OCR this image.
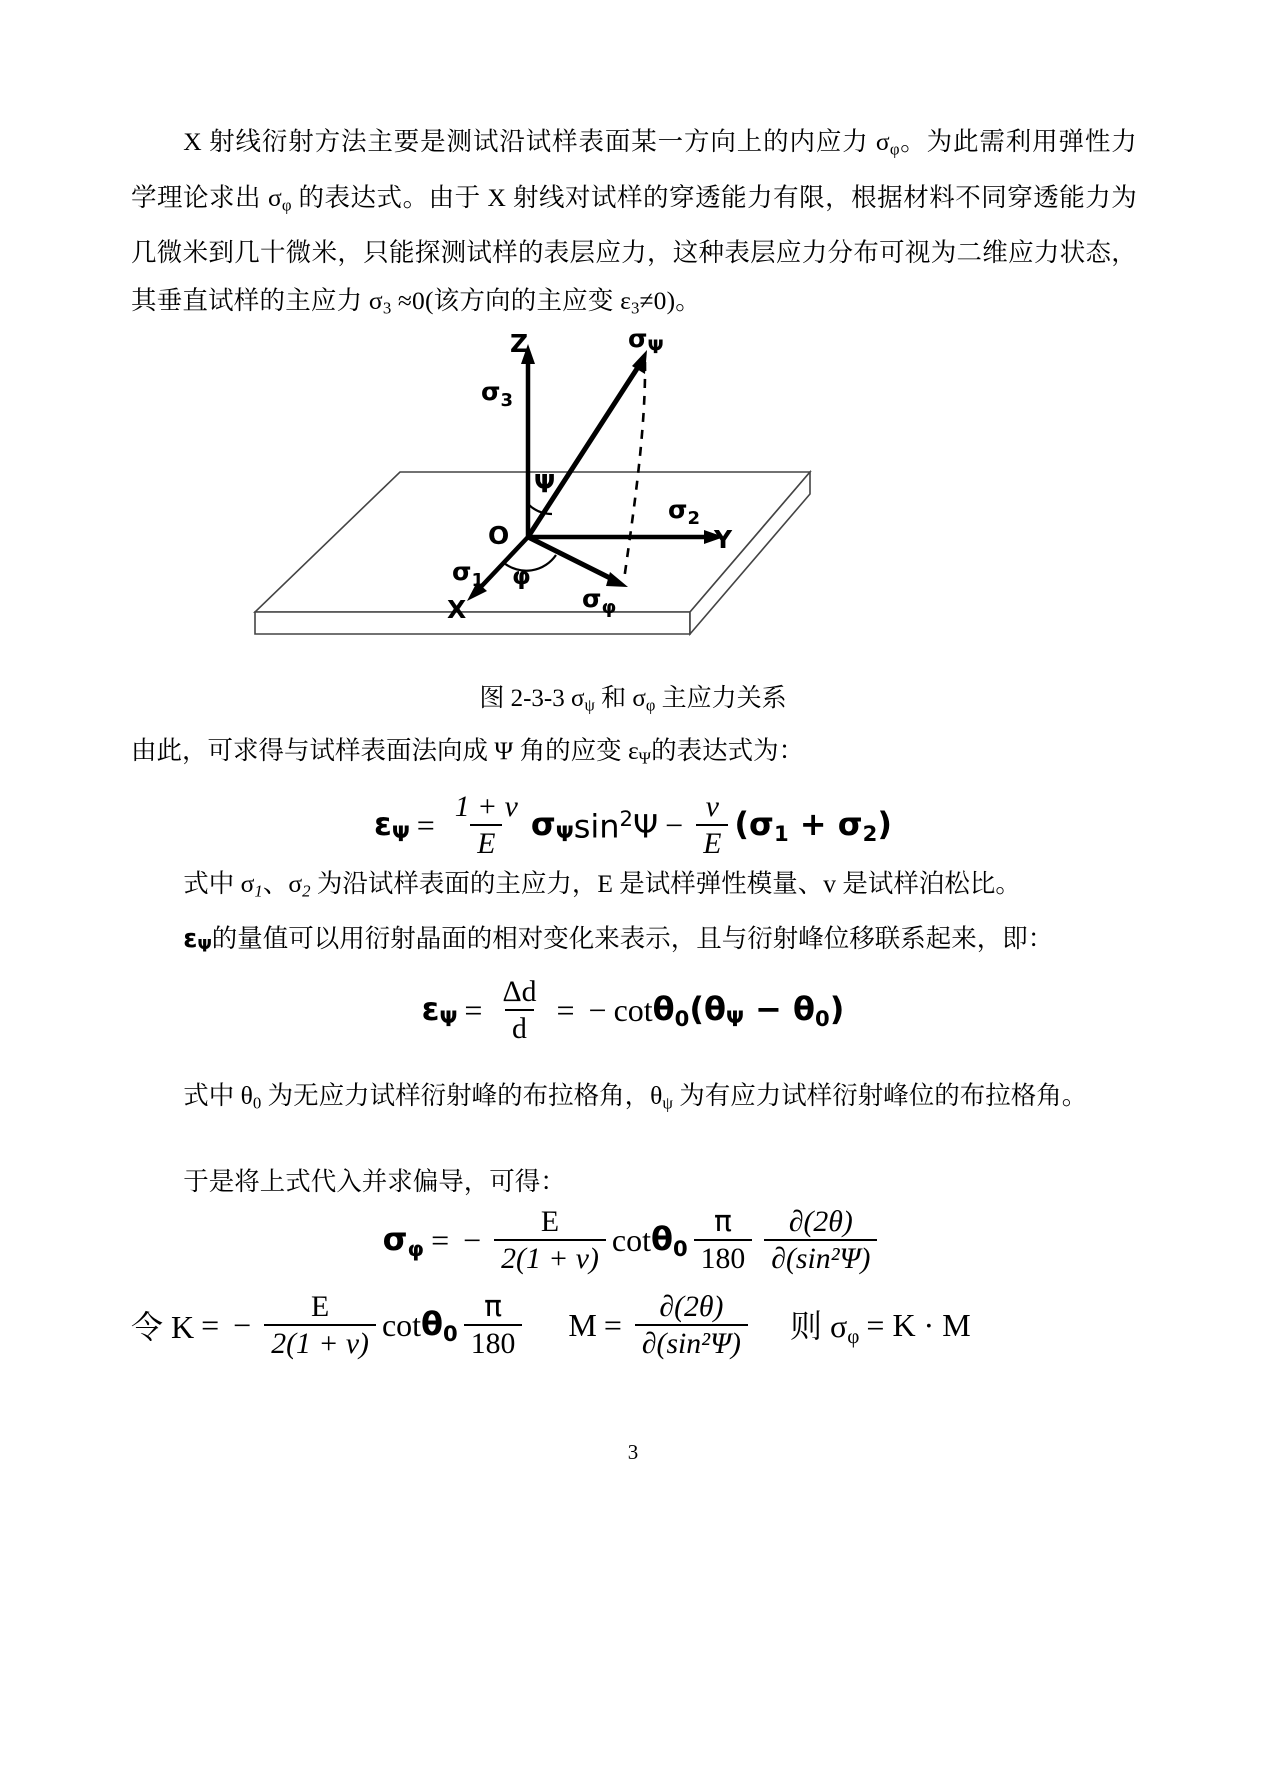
X 射线衍射方法主要是测试沿试样表面某一方向上的内应力 $\sigma_\varphi$。为此需利用弹性力学理论求出 $\sigma_\varphi$ 的表达式。由于 X 射线对试样的穿透能力有限，根据材料不同穿透能力为几微米到几十微米，只能探测试样的表层应力，这种表层应力分布可视为二维应力状态，其垂直试样的主应力 $\sigma_3 \approx 0$(该方向的主应变 $\varepsilon_3\ne 0$)。

Z
Y
X
O
$\sigma_3$
$\sigma_1$
$\sigma_2$
$\sigma_\Psi$
$\sigma_\varphi$
Ψ
φ
图 2-3-3 $\sigma_\psi$ 和 $\sigma_\varphi$ 主应力关系
由此，可求得与试样表面法向成 Ψ 角的应变 $\varepsilon_\Psi$的表达式为：
$\varepsilon_\Psi = \frac{1 + v}{E} \sigma_\Psi$ $\sin^2\Psi - \frac{v}{E} (\sigma_1 + \sigma_2)$
式中 $\sigma_1$、$\sigma_2$ 为沿试样表面的主应力，E 是试样弹性模量、v 是试样泊松比。
$\varepsilon_\Psi$的量值可以用衍射晶面的相对变化来表示，且与衍射峰位移联系起来，即：
$\varepsilon_\Psi = \frac{\Delta d}{d}$ = − $\cot \theta_0$ $(\theta_\Psi - \theta_0)$
式中 $\theta_0$ 为无应力试样衍射峰的布拉格角，$\theta_\psi$ 为有应力试样衍射峰位的布拉格角。
于是将上式代入并求偏导，可得：
$\sigma_\varphi$ = − $\frac{E}{2(1 + v)}$ $\cot \theta_0 \frac{\pi}{180} \frac{\partial(2\theta)}{\text{∂(sin²Ψ)}}$
令 K = − $\frac{E}{2(1 + v)}$ $\cot \theta_0 \frac{\pi}{180}$ $M = \frac{\partial(2\theta)}{\text{∂(sin²Ψ)}}$ 则 $\sigma_\varphi = K \cdot M$
3
